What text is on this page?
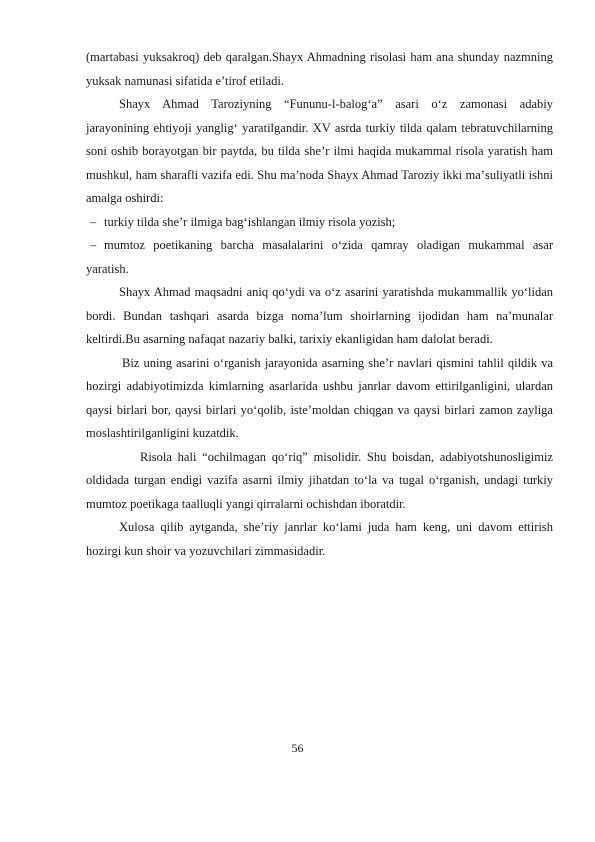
(martabasi yuksakroq) deb qaralgan.Shayx Ahmadning risolasi ham ana shunday nazmning yuksak namunasi sifatida e’tirof etiladi.

Shayx Ahmad Taroziyning “Fununu-l-balog‘a” asari o‘z zamonasi adabiy jarayonining ehtiyoji yanglig‘ yaratilgandir. XV asrda turkiy tilda qalam tebratuvchilarning soni oshib borayotgan bir paytda, bu tilda she’r ilmi haqida mukammal risola yaratish ham mushkul, ham sharafli vazifa edi. Shu maʼnoda Shayx Ahmad Taroziy ikki maʼsuliyatli ishni amalga oshirdi:

– turkiy tilda she’r ilmiga bag‘ishlangan ilmiy risola yozish;
– mumtoz poetikaning barcha masalalarini o‘zida qamray oladigan mukammal asar yaratish.

Shayx Ahmad maqsadni aniq qo‘ydi va o‘z asarini yaratishda mukammallik yo‘lidan bordi. Bundan tashqari asarda bizga noma’lum shoirlarning ijodidan ham na’munalar keltirdi.Bu asarning nafaqat nazariy balki, tarixiy ekanligidan ham dalolat beradi.

Biz uning asarini o‘rganish jarayonida asarning she’r navlari qismini tahlil qildik va hozirgi adabiyotimizda kimlarning asarlarida ushbu janrlar davom ettirilganligini, ulardan qaysi birlari bor, qaysi birlari yo‘qolib, iste’moldan chiqgan va qaysi birlari zamon zayliga moslashtirilganligini kuzatdik.

Risola hali “ochilmagan qo‘riq” misolidir. Shu boisdan, adabiyotshunosligimiz oldidada turgan endigi vazifa asarni ilmiy jihatdan to‘la va tugal o‘rganish, undagi turkiy mumtoz poetikaga taalluqli yangi qirralarni ochishdan iboratdir.

Xulosa qilib aytganda, she’riy janrlar ko‘lami juda ham keng, uni davom ettirish hozirgi kun shoir va yozuvchilari zimmasidadir.

56
